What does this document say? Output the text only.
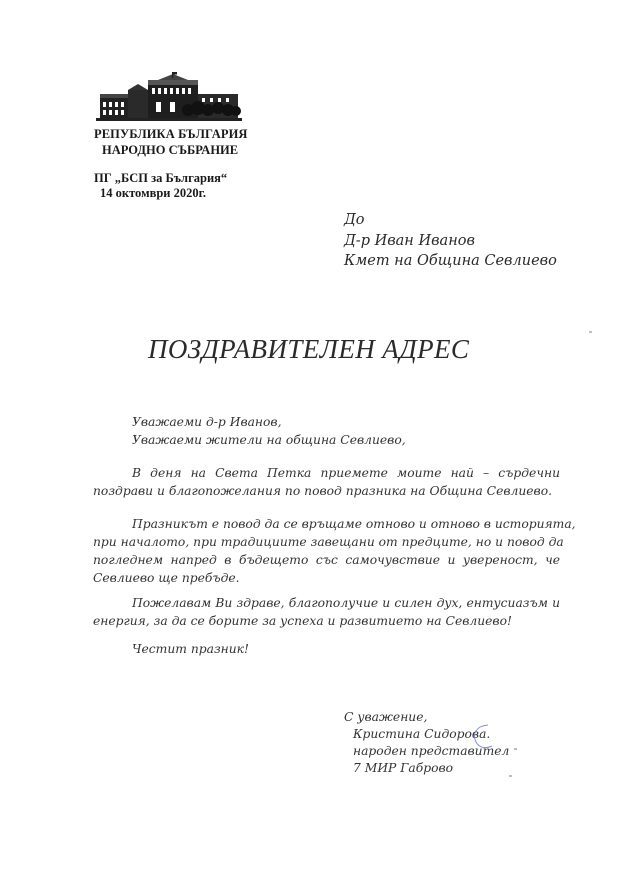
РЕПУБЛИКА БЪЛГАРИЯ
НАРОДНО СЪБРАНИЕ
ПГ „БСП за България“
14 октомври 2020г.
До
Д-р Иван Иванов
Кмет на Община Севлиево
ПОЗДРАВИТЕЛЕН АДРЕС
Уважаеми д-р Иванов,
Уважаеми жители на община Севлиево,
В деня на Света Петка приемете моите най – сърдечни
поздрави и благопожелания по повод празника на Община Севлиево.
Празникът е повод да се връщаме отново и отново в историята,
при началото, при традициите завещани от предците, но и повод да
погледнем напред в бъдещето със самочувствие и увереност, че
Севлиево ще пребъде.
Пожелавам Ви здраве, благополучие и силен дух, ентусиазъм и
енергия, за да се борите за успеха и развитието на Севлиево!
Честит празник!
С уважение,
Кристина Сидорова.
народен представител
7 МИР Габрово
